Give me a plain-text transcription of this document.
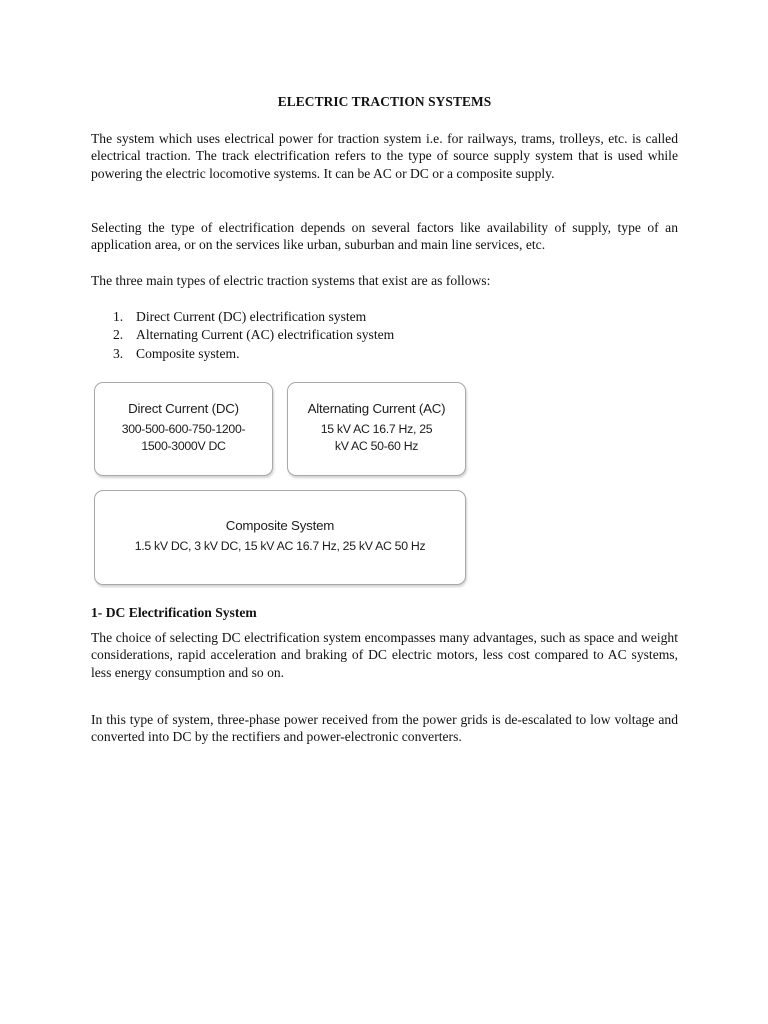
ELECTRIC TRACTION SYSTEMS

The system which uses electrical power for traction system i.e. for railways, trams, trolleys, etc. is called electrical traction. The track electrification refers to the type of source supply system that is used while powering the electric locomotive systems. It can be AC or DC or a composite supply.

Selecting the type of electrification depends on several factors like availability of supply, type of an application area, or on the services like urban, suburban and main line services, etc.

The three main types of electric traction systems that exist are as follows:

1. Direct Current (DC) electrification system
2. Alternating Current (AC) electrification system
3. Composite system.
Direct Current (DC)
300-500-600-750-1200-1500-3000V DC
Alternating Current (AC)
15 kV AC 16.7 Hz, 25 kV AC 50-60 Hz
Composite System
1.5 kV DC, 3 kV DC, 15 kV AC 16.7 Hz, 25 kV AC 50 Hz
1- DC Electrification System

The choice of selecting DC electrification system encompasses many advantages, such as space and weight considerations, rapid acceleration and braking of DC electric motors, less cost compared to AC systems, less energy consumption and so on.

In this type of system, three-phase power received from the power grids is de-escalated to low voltage and converted into DC by the rectifiers and power-electronic converters.
